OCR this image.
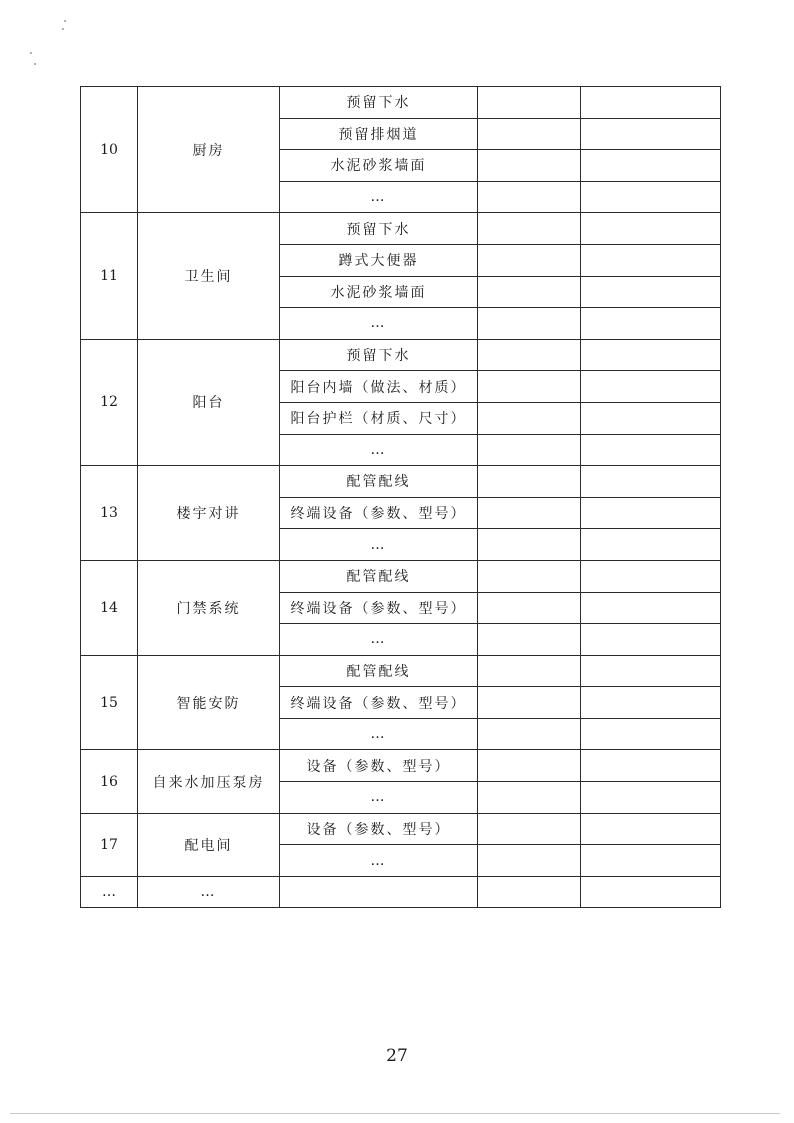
10	厨房	预留下水		
		预留排烟道		
		水泥砂浆墙面		
		…		
11	卫生间	预留下水		
		蹲式大便器		
		水泥砂浆墙面		
		…		
12	阳台	预留下水		
		阳台内墙（做法、材质）		
		阳台护栏（材质、尺寸）		
		…		
13	楼宇对讲	配管配线		
		终端设备（参数、型号）		
		…		
14	门禁系统	配管配线		
		终端设备（参数、型号）		
		…		
15	智能安防	配管配线		
		终端设备（参数、型号）		
		…		
16	自来水加压泵房	设备（参数、型号）		
		…		
17	配电间	设备（参数、型号）		
		…		
…	…			
27
